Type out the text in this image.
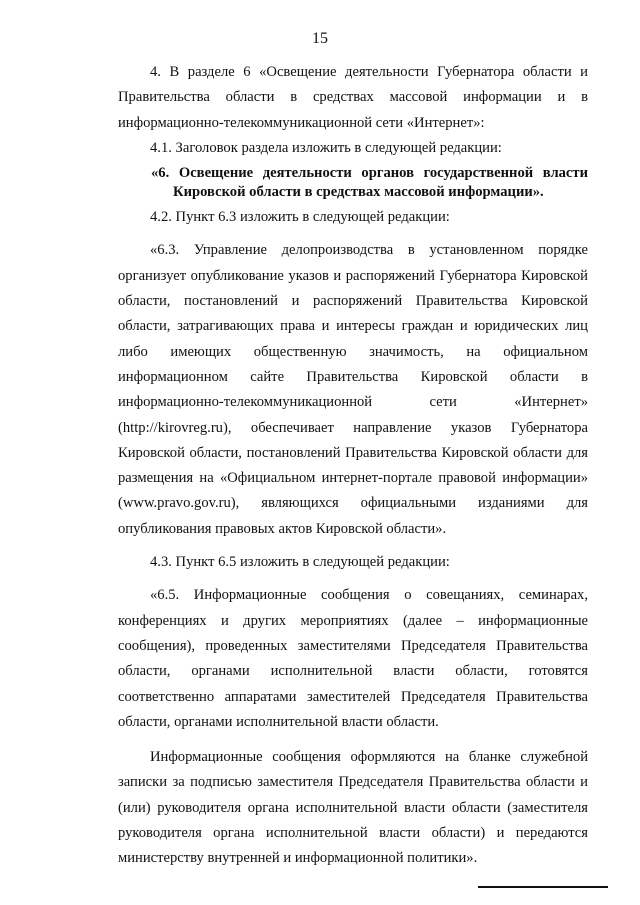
15

4. В разделе 6 «Освещение деятельности Губернатора области и Правительства области в средствах массовой информации и в информационно-телекоммуникационной сети «Интернет»:

4.1. Заголовок раздела изложить в следующей редакции:

«6. Освещение деятельности органов государственной власти Кировской области в средствах массовой информации».

4.2. Пункт 6.3 изложить в следующей редакции:

«6.3. Управление делопроизводства в установленном порядке организует опубликование указов и распоряжений Губернатора Кировской области, постановлений и распоряжений Правительства Кировской области, затрагивающих права и интересы граждан и юридических лиц либо имеющих общественную значимость, на официальном информационном сайте Правительства Кировской области в информационно-телекоммуникационной сети «Интернет» (http://kirovreg.ru), обеспечивает направление указов Губернатора Кировской области, постановлений Правительства Кировской области для размещения на «Официальном интернет-портале правовой информации» (www.pravo.gov.ru), являющихся официальными изданиями для опубликования правовых актов Кировской области».

4.3. Пункт 6.5 изложить в следующей редакции:

«6.5. Информационные сообщения о совещаниях, семинарах, конференциях и других мероприятиях (далее – информационные сообщения), проведенных заместителями Председателя Правительства области, органами исполнительной власти области, готовятся соответственно аппаратами заместителей Председателя Правительства области, органами исполнительной власти области.

Информационные сообщения оформляются на бланке служебной записки за подписью заместителя Председателя Правительства области и (или) руководителя органа исполнительной власти области (заместителя руководителя органа исполнительной власти области) и передаются министерству внутренней и информационной политики».
